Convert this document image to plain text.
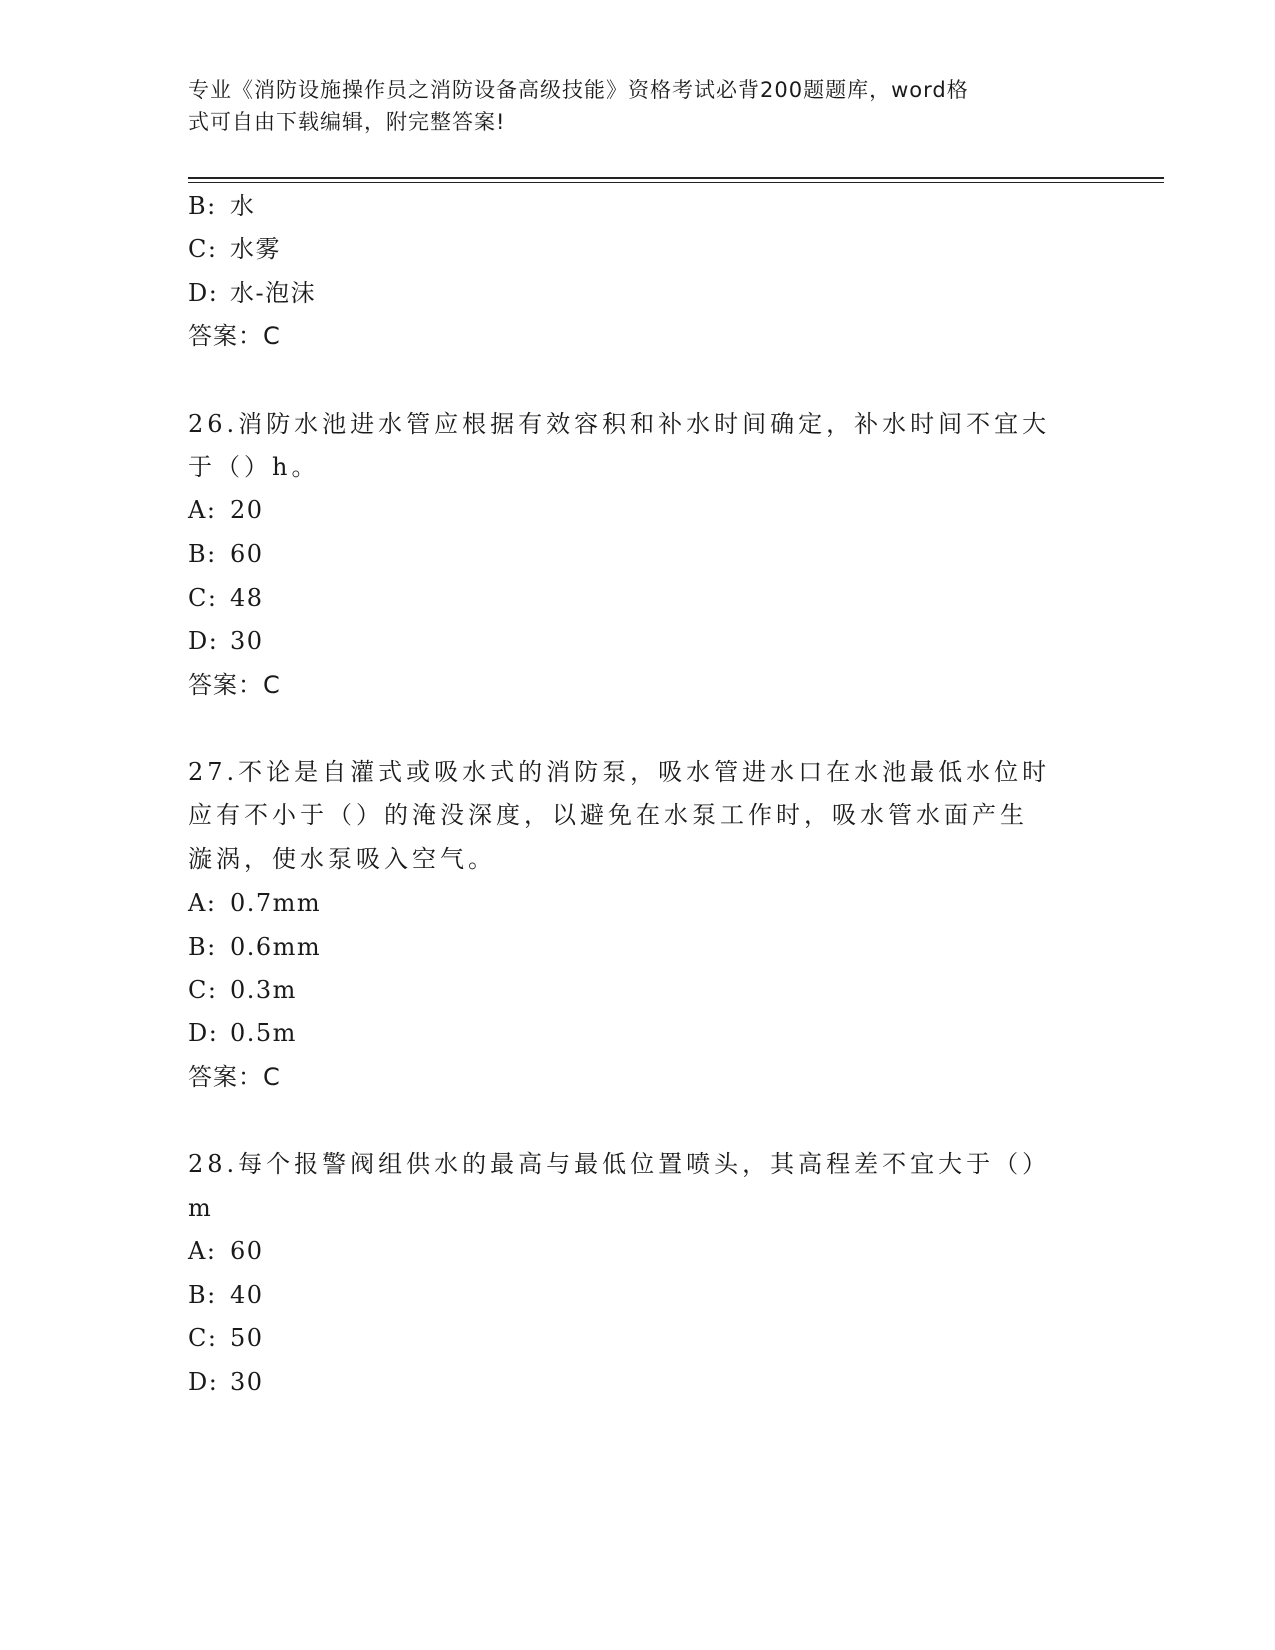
专业《消防设施操作员之消防设备高级技能》资格考试必背200题题库，word格
式可自由下载编辑，附完整答案!
B: 水
C: 水雾
D: 水-泡沫
答案：C
26.消防水池进水管应根据有效容积和补水时间确定，补水时间不宜大
于（）h。
A: 20
B: 60
C: 48
D: 30
答案：C
27.不论是自灌式或吸水式的消防泵，吸水管进水口在水池最低水位时
应有不小于（）的淹没深度，以避免在水泵工作时，吸水管水面产生
漩涡，使水泵吸入空气。
A: 0.7mm
B: 0.6mm
C: 0.3m
D: 0.5m
答案：C
28.每个报警阀组供水的最高与最低位置喷头，其高程差不宜大于（）
m
A: 60
B: 40
C: 50
D: 30
